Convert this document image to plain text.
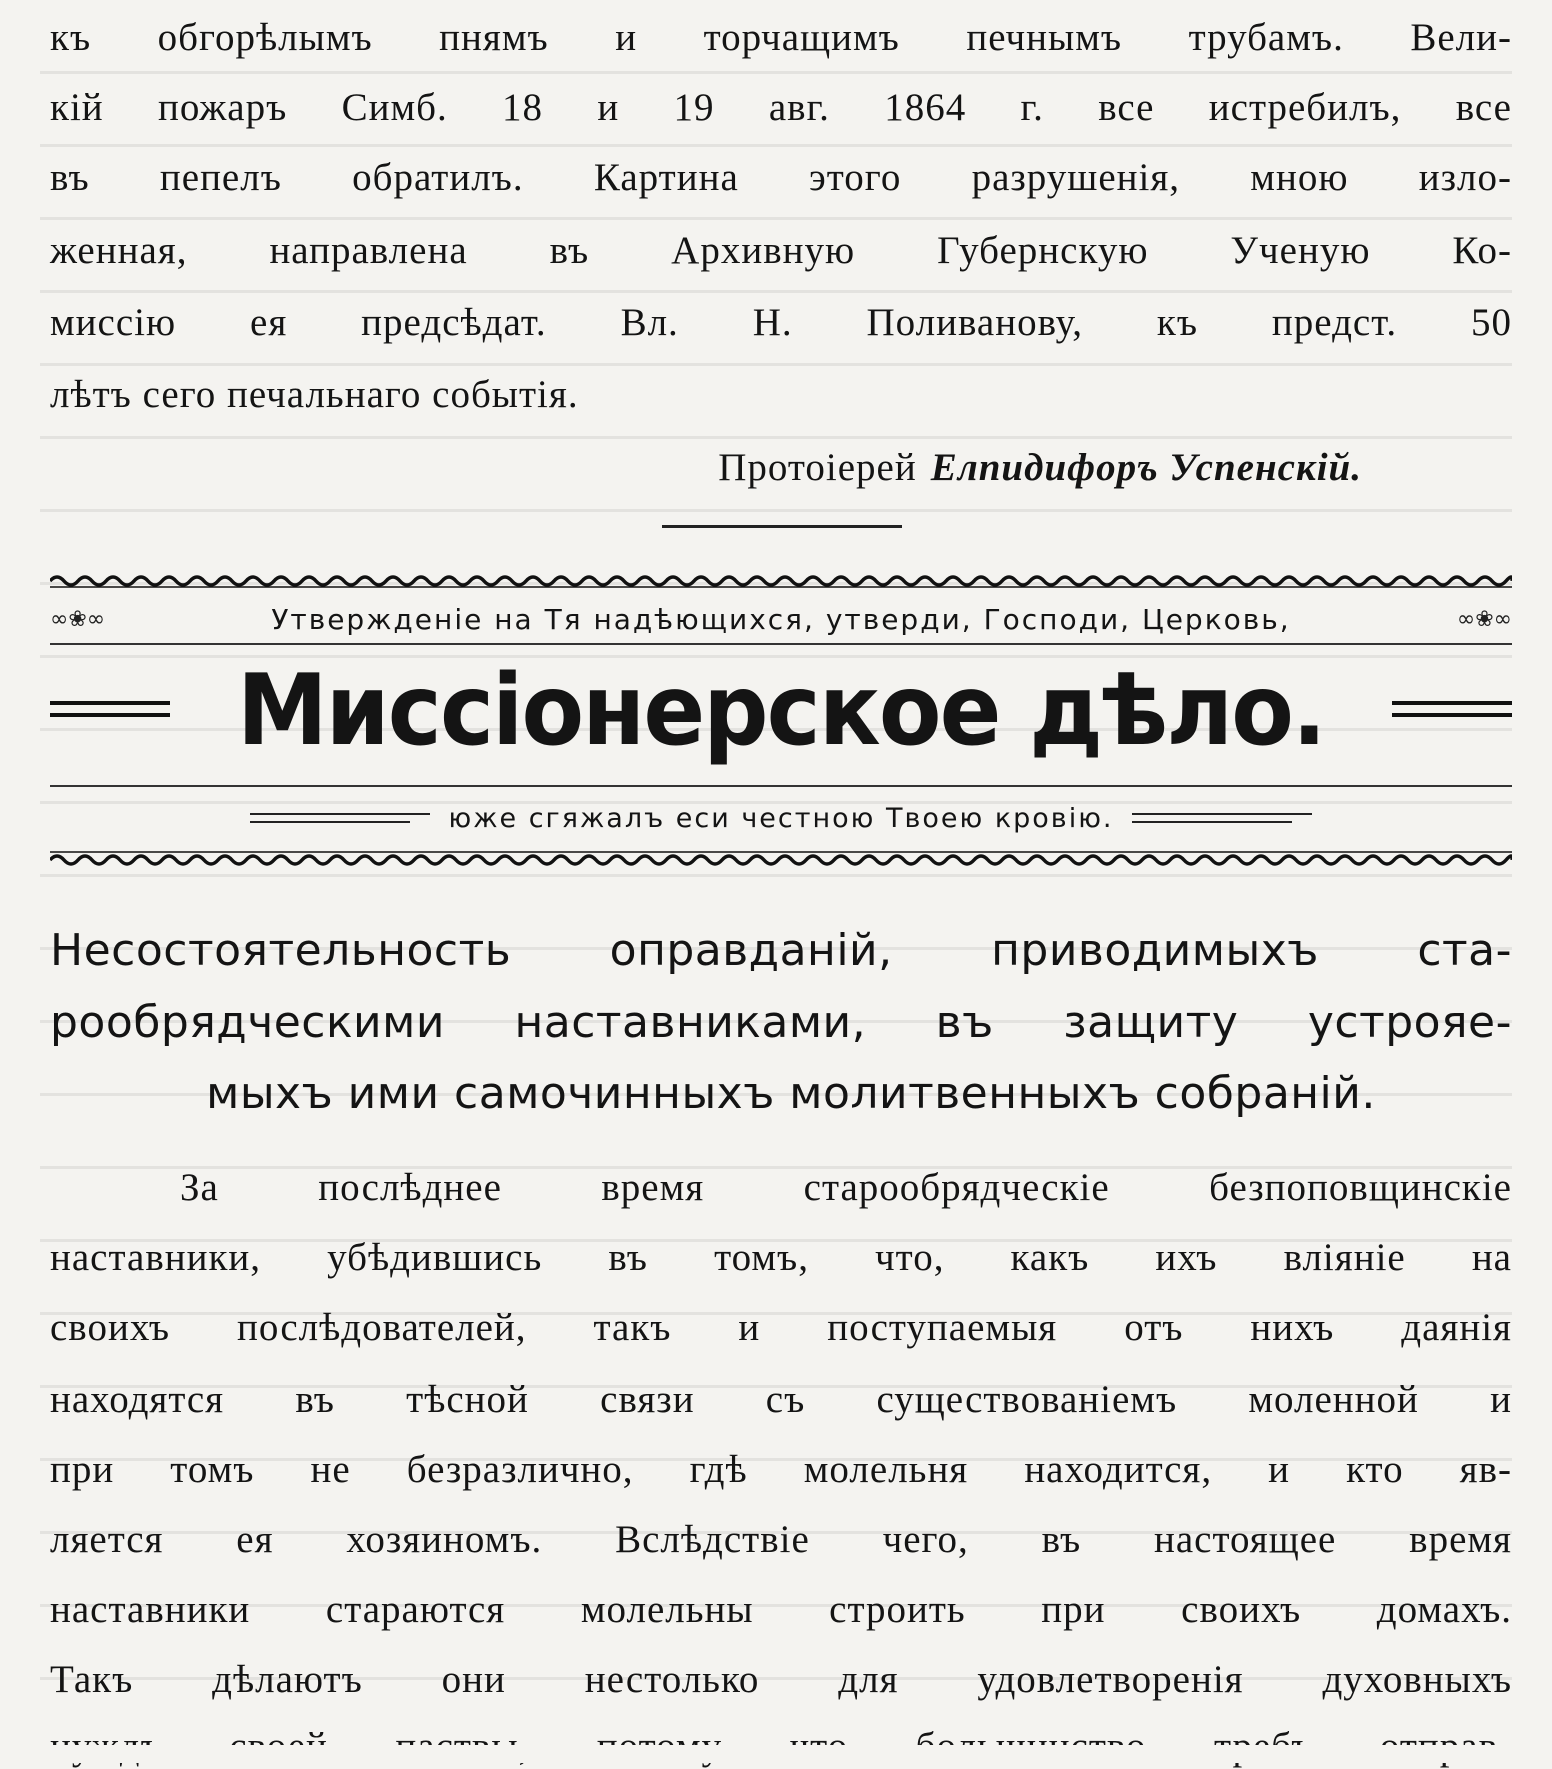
къ обгорѣлымъ пнямъ и торчащимъ печнымъ трубамъ. Вели-
кій пожаръ Симб. 18 и 19 авг. 1864 г. все истребилъ, все
въ пепелъ обратилъ. Картина этого разрушенія, мною изло-
женная, направлена въ Архивную Губернскую Ученую Ко-
миссію ея предсѣдат. Вл. Н. Поливанову, къ предст. 50
лѣтъ сего печальнаго событія.
Протоіерей Елпидифоръ Успенскій.
∞❀∞	Утвержденіе на Тя надѣющихся, утверди, Господи, Церковь,	∞❀∞
Миссіонерское дѣло.
юже сгяжалъ еси честною Твоею кровію.
Несостоятельность оправданій, приводимыхъ ста-
рообрядческими наставниками, въ защиту устрояе-
мыхъ ими самочинныхъ молитвенныхъ собраній.
За послѣднее время старообрядческіе безпоповщинскіе
наставники, убѣдившись въ томъ, что, какъ ихъ вліяніе на
своихъ послѣдователей, такъ и поступаемыя отъ нихъ даянія
находятся въ тѣсной связи съ существованіемъ моленной и
при томъ не безразлично, гдѣ молельня находится, и кто яв-
ляется ея хозяиномъ. Вслѣдствіе чего, въ настоящее время
наставники стараются молельны строить при своихъ домахъ.
Такъ дѣлаютъ они нестолько для удовлетворенія духовныхъ
